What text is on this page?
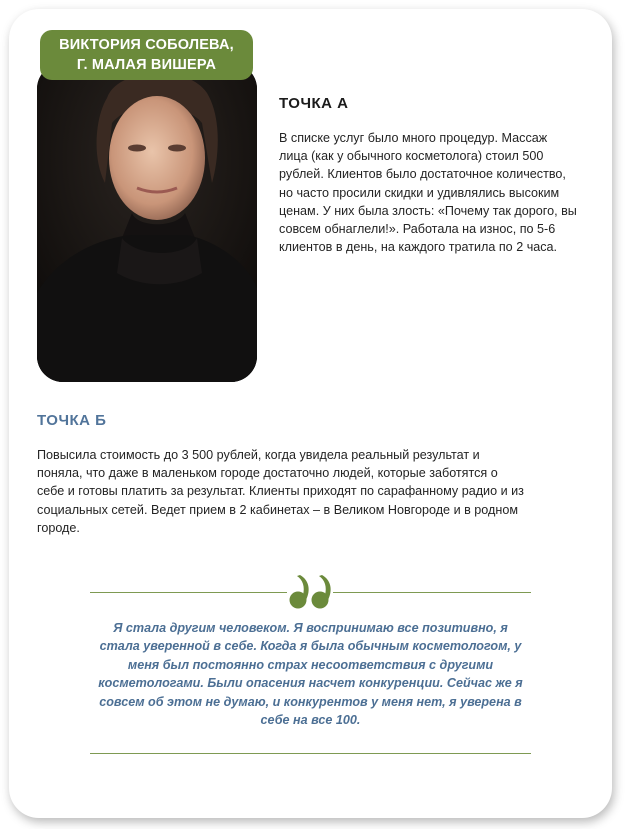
ВИКТОРИЯ СОБОЛЕВА,
Г. МАЛАЯ ВИШЕРА
ТОЧКА А
В списке услуг было много процедур. Массаж лица (как у обычного косметолога) стоил 500 рублей. Клиентов было достаточное количество, но часто просили скидки и удивлялись высоким ценам. У них была злость: «Почему так дорого, вы совсем обнаглели!». Работала на износ, по 5-6 клиентов в день, на каждого тратила по 2 часа.
ТОЧКА Б
Повысила стоимость до 3 500 рублей, когда увидела реальный результат и поняла, что даже в маленьком городе достаточно людей, которые заботятся о себе и готовы платить за результат. Клиенты приходят по сарафанному радио и из социальных сетей. Ведет прием в 2 кабинетах – в Великом Новгороде и в родном городе.
Я стала другим человеком. Я воспринимаю все позитивно, я стала уверенной в себе. Когда я была обычным косметологом, у меня был постоянно страх несоответствия с другими косметологами. Были опасения насчет конкуренции. Сейчас же я совсем об этом не думаю, и конкурентов у меня нет, я уверена в себе на все 100.
